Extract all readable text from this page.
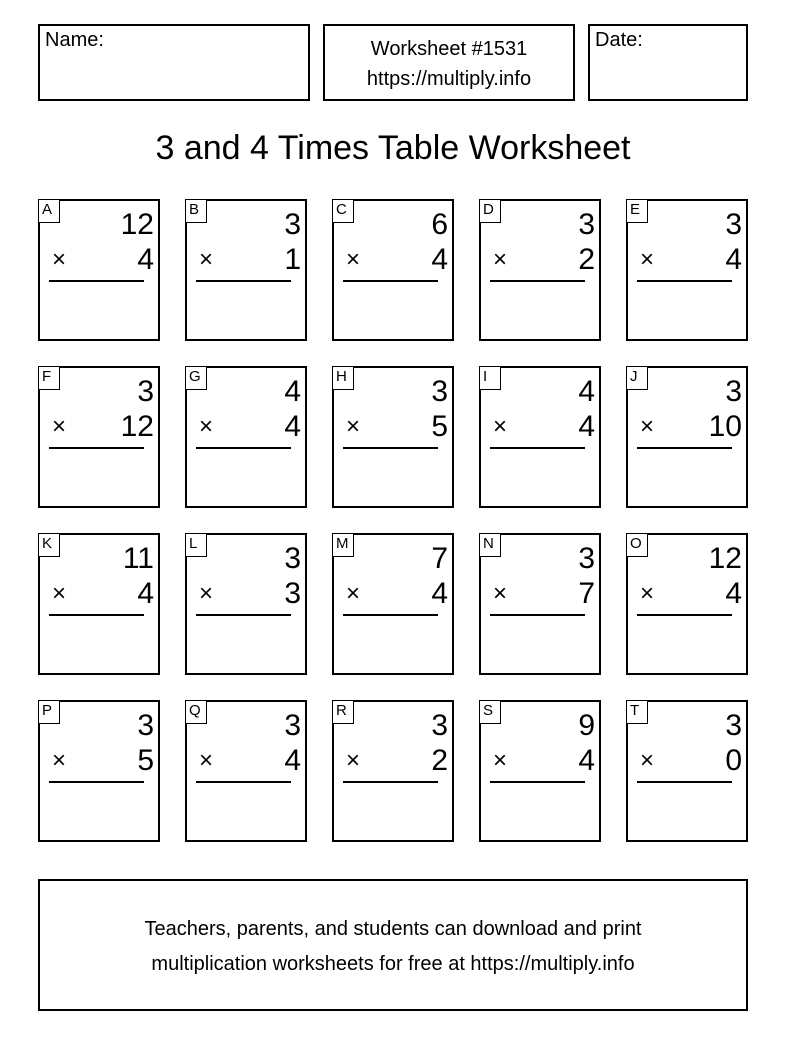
Name:	Worksheet #1531
https://multiply.info
Date:
3 and 4 Times Table Worksheet
A 12
× 4
B	3
× 1
C	6
× 4
D	3
× 2
E	3
× 4
F	3
× 12
G	4
× 4
H	3
× 5
I	4
× 4
J	3
× 10
K 11
× 4
L	3
× 3
M	7
× 4
N	3
× 7
O 12
× 4
P	3
× 5
Q	3
× 4
R	3
× 2
S	9
× 4
T	3
× 0
Teachers, parents, and students can download and print
multiplication worksheets for free at https://multiply.info
